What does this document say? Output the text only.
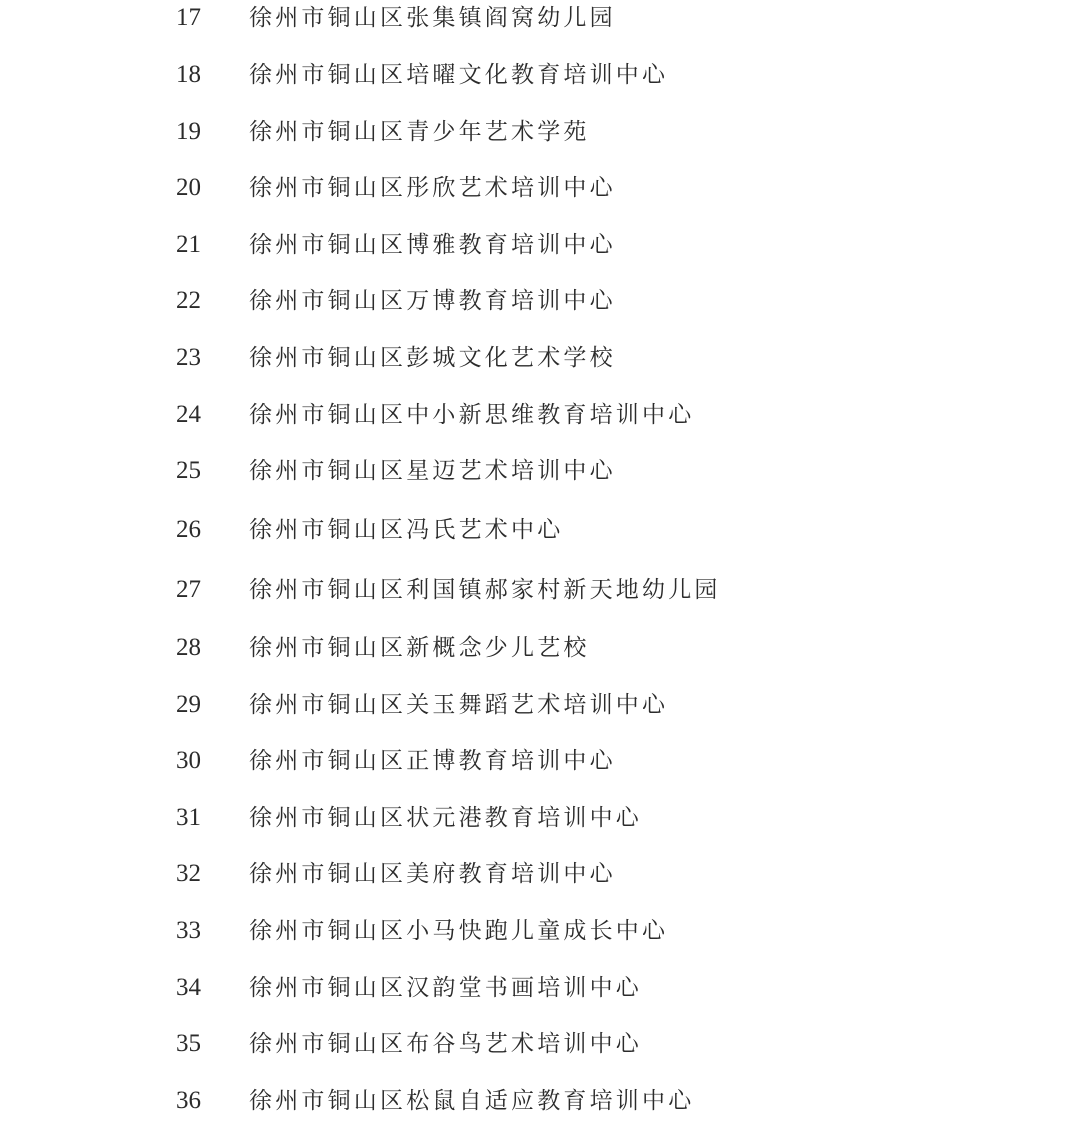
17 徐州市铜山区张集镇阎窝幼儿园
18 徐州市铜山区培曜文化教育培训中心
19 徐州市铜山区青少年艺术学苑
20 徐州市铜山区彤欣艺术培训中心
21 徐州市铜山区博雅教育培训中心
22 徐州市铜山区万博教育培训中心
23 徐州市铜山区彭城文化艺术学校
24 徐州市铜山区中小新思维教育培训中心
25 徐州市铜山区星迈艺术培训中心
26 徐州市铜山区冯氏艺术中心
27 徐州市铜山区利国镇郝家村新天地幼儿园
28 徐州市铜山区新概念少儿艺校
29 徐州市铜山区关玉舞蹈艺术培训中心
30 徐州市铜山区正博教育培训中心
31 徐州市铜山区状元港教育培训中心
32 徐州市铜山区美府教育培训中心
33 徐州市铜山区小马快跑儿童成长中心
34 徐州市铜山区汉韵堂书画培训中心
35 徐州市铜山区布谷鸟艺术培训中心
36 徐州市铜山区松鼠自适应教育培训中心
